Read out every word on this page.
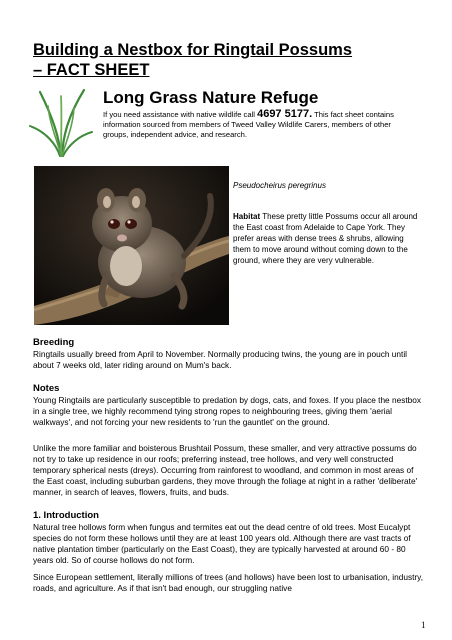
Building a Nestbox for Ringtail Possums
– FACT SHEET
Long Grass Nature Refuge
If you need assistance with native wildlife call 4697 5177. This fact sheet contains information sourced from members of Tweed Valley Wildlife Carers, members of other groups, independent advice, and research.
Pseudocheirus peregrinus
Habitat These pretty little Possums occur all around the East coast from Adelaide to Cape York. They prefer areas with dense trees & shrubs, allowing them to move around without coming down to the ground, where they are very vulnerable.
Breeding
Ringtails usually breed from April to November. Normally producing twins, the young are in pouch until about 7 weeks old, later riding around on Mum's back.
Notes
Young Ringtails are particularly susceptible to predation by dogs, cats, and foxes. If you place the nestbox in a single tree, we highly recommend tying strong ropes to neighbouring trees, giving them 'aerial walkways', and not forcing your new residents to 'run the gauntlet' on the ground.
Unlike the more familiar and boisterous Brushtail Possum, these smaller, and very attractive possums do not try to take up residence in our roofs; preferring instead, tree hollows, and very well constructed temporary spherical nests (dreys). Occurring from rainforest to woodland, and common in most areas of the East coast, including suburban gardens, they move through the foliage at night in a rather 'deliberate' manner, in search of leaves, flowers, fruits, and buds.
1. Introduction
Natural tree hollows form when fungus and termites eat out the dead centre of old trees. Most Eucalypt species do not form these hollows until they are at least 100 years old. Although there are vast tracts of native plantation timber (particularly on the East Coast), they are typically harvested at around 60 - 80 years old. So of course hollows do not form.
Since European settlement, literally millions of trees (and hollows) have been lost to urbanisation, industry, roads, and agriculture. As if that isn't bad enough, our struggling native
1
